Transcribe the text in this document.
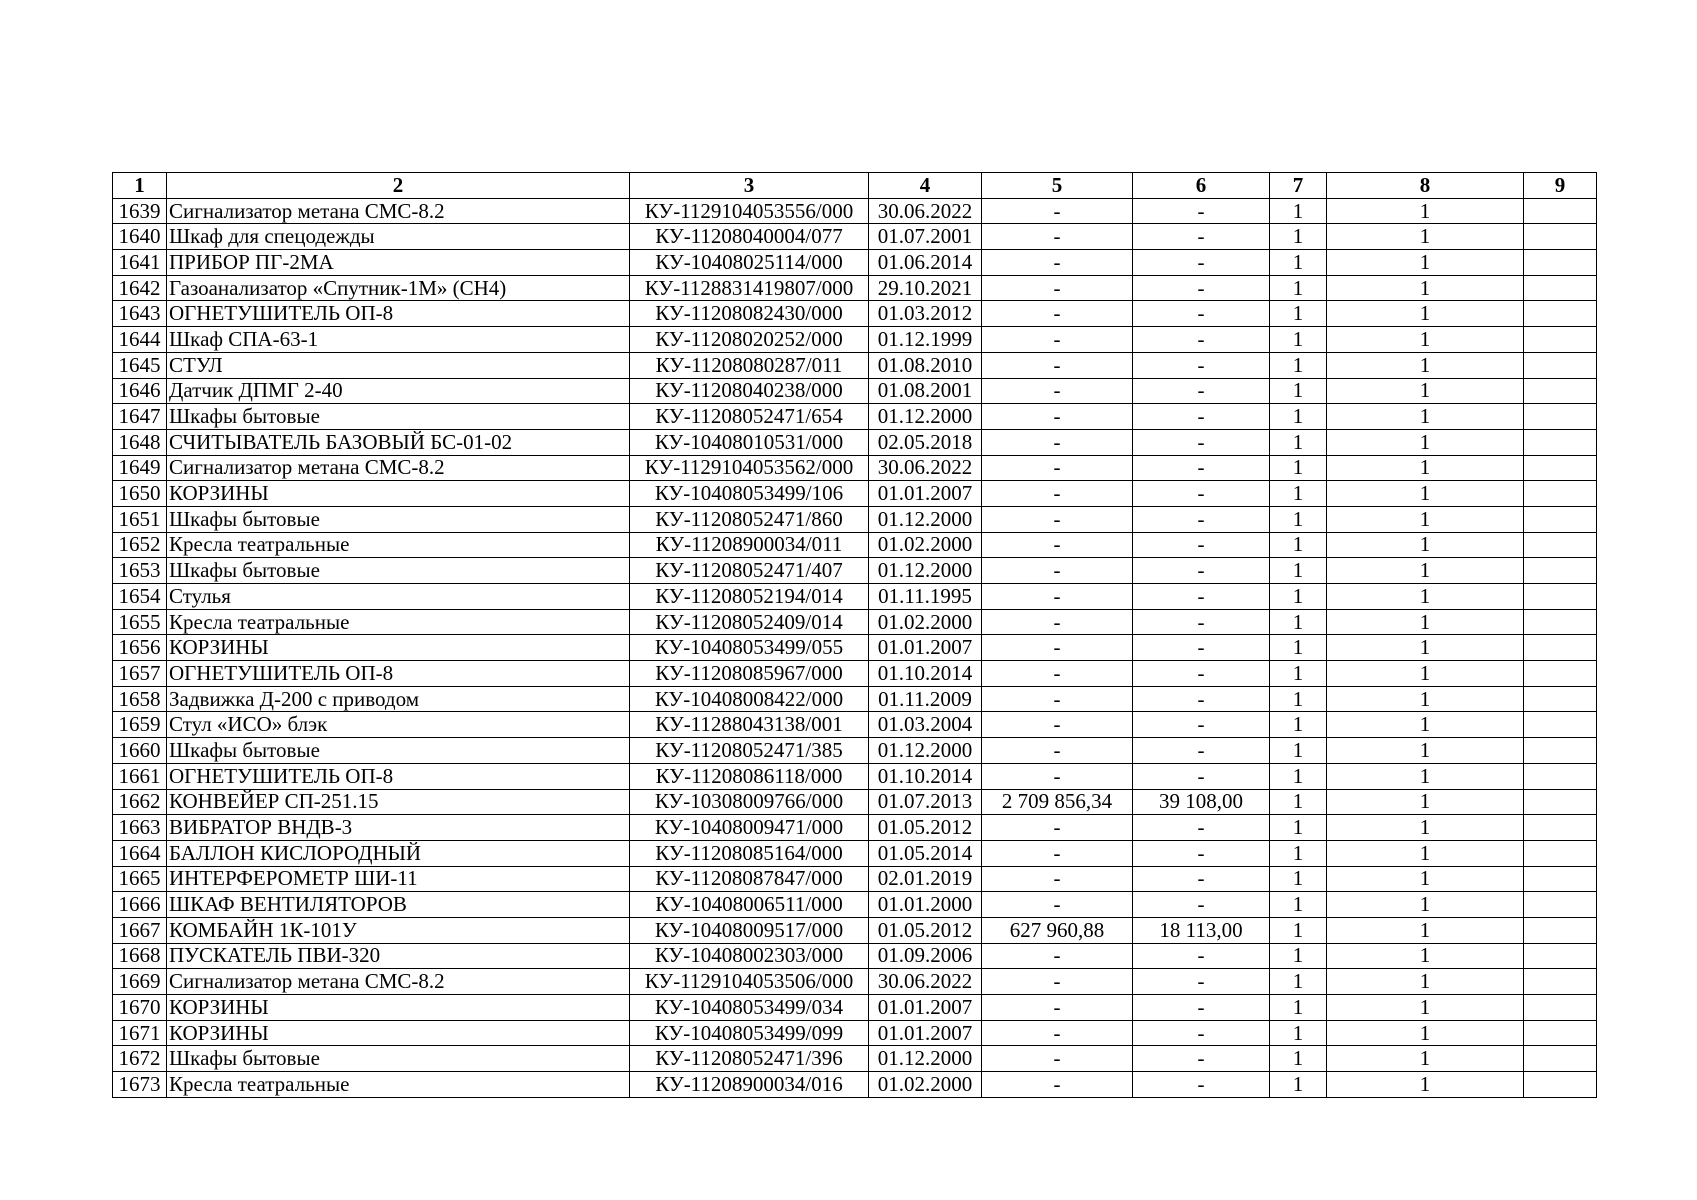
1	2	3	4	5	6	7	8	9
1639	Сигнализатор метана СМС-8.2	КУ-1129104053556/000	30.06.2022	-	-	1	1	
1640	Шкаф для спецодежды	КУ-11208040004/077	01.07.2001	-	-	1	1	
1641	ПРИБОР ПГ-2МА	КУ-10408025114/000	01.06.2014	-	-	1	1	
1642	Газоанализатор «Спутник-1М» (СН4)	КУ-1128831419807/000	29.10.2021	-	-	1	1	
1643	ОГНЕТУШИТЕЛЬ ОП-8	КУ-11208082430/000	01.03.2012	-	-	1	1	
1644	Шкаф СПА-63-1	КУ-11208020252/000	01.12.1999	-	-	1	1	
1645	СТУЛ	КУ-11208080287/011	01.08.2010	-	-	1	1	
1646	Датчик ДПМГ 2-40	КУ-11208040238/000	01.08.2001	-	-	1	1	
1647	Шкафы бытовые	КУ-11208052471/654	01.12.2000	-	-	1	1	
1648	СЧИТЫВАТЕЛЬ БАЗОВЫЙ БС-01-02	КУ-10408010531/000	02.05.2018	-	-	1	1	
1649	Сигнализатор метана СМС-8.2	КУ-1129104053562/000	30.06.2022	-	-	1	1	
1650	КОРЗИНЫ	КУ-10408053499/106	01.01.2007	-	-	1	1	
1651	Шкафы бытовые	КУ-11208052471/860	01.12.2000	-	-	1	1	
1652	Кресла театральные	КУ-11208900034/011	01.02.2000	-	-	1	1	
1653	Шкафы бытовые	КУ-11208052471/407	01.12.2000	-	-	1	1	
1654	Стулья	КУ-11208052194/014	01.11.1995	-	-	1	1	
1655	Кресла театральные	КУ-11208052409/014	01.02.2000	-	-	1	1	
1656	КОРЗИНЫ	КУ-10408053499/055	01.01.2007	-	-	1	1	
1657	ОГНЕТУШИТЕЛЬ ОП-8	КУ-11208085967/000	01.10.2014	-	-	1	1	
1658	Задвижка Д-200 с приводом	КУ-10408008422/000	01.11.2009	-	-	1	1	
1659	Стул «ИСО» блэк	КУ-11288043138/001	01.03.2004	-	-	1	1	
1660	Шкафы бытовые	КУ-11208052471/385	01.12.2000	-	-	1	1	
1661	ОГНЕТУШИТЕЛЬ ОП-8	КУ-11208086118/000	01.10.2014	-	-	1	1	
1662	КОНВЕЙЕР СП-251.15	КУ-10308009766/000	01.07.2013	2 709 856,34	39 108,00	1	1	
1663	ВИБРАТОР ВНДВ-3	КУ-10408009471/000	01.05.2012	-	-	1	1	
1664	БАЛЛОН КИСЛОРОДНЫЙ	КУ-11208085164/000	01.05.2014	-	-	1	1	
1665	ИНТЕРФЕРОМЕТР ШИ-11	КУ-11208087847/000	02.01.2019	-	-	1	1	
1666	ШКАФ ВЕНТИЛЯТОРОВ	КУ-10408006511/000	01.01.2000	-	-	1	1	
1667	КОМБАЙН 1К-101У	КУ-10408009517/000	01.05.2012	627 960,88	18 113,00	1	1	
1668	ПУСКАТЕЛЬ ПВИ-320	КУ-10408002303/000	01.09.2006	-	-	1	1	
1669	Сигнализатор метана СМС-8.2	КУ-1129104053506/000	30.06.2022	-	-	1	1	
1670	КОРЗИНЫ	КУ-10408053499/034	01.01.2007	-	-	1	1	
1671	КОРЗИНЫ	КУ-10408053499/099	01.01.2007	-	-	1	1	
1672	Шкафы бытовые	КУ-11208052471/396	01.12.2000	-	-	1	1	
1673	Кресла театральные	КУ-11208900034/016	01.02.2000	-	-	1	1	
